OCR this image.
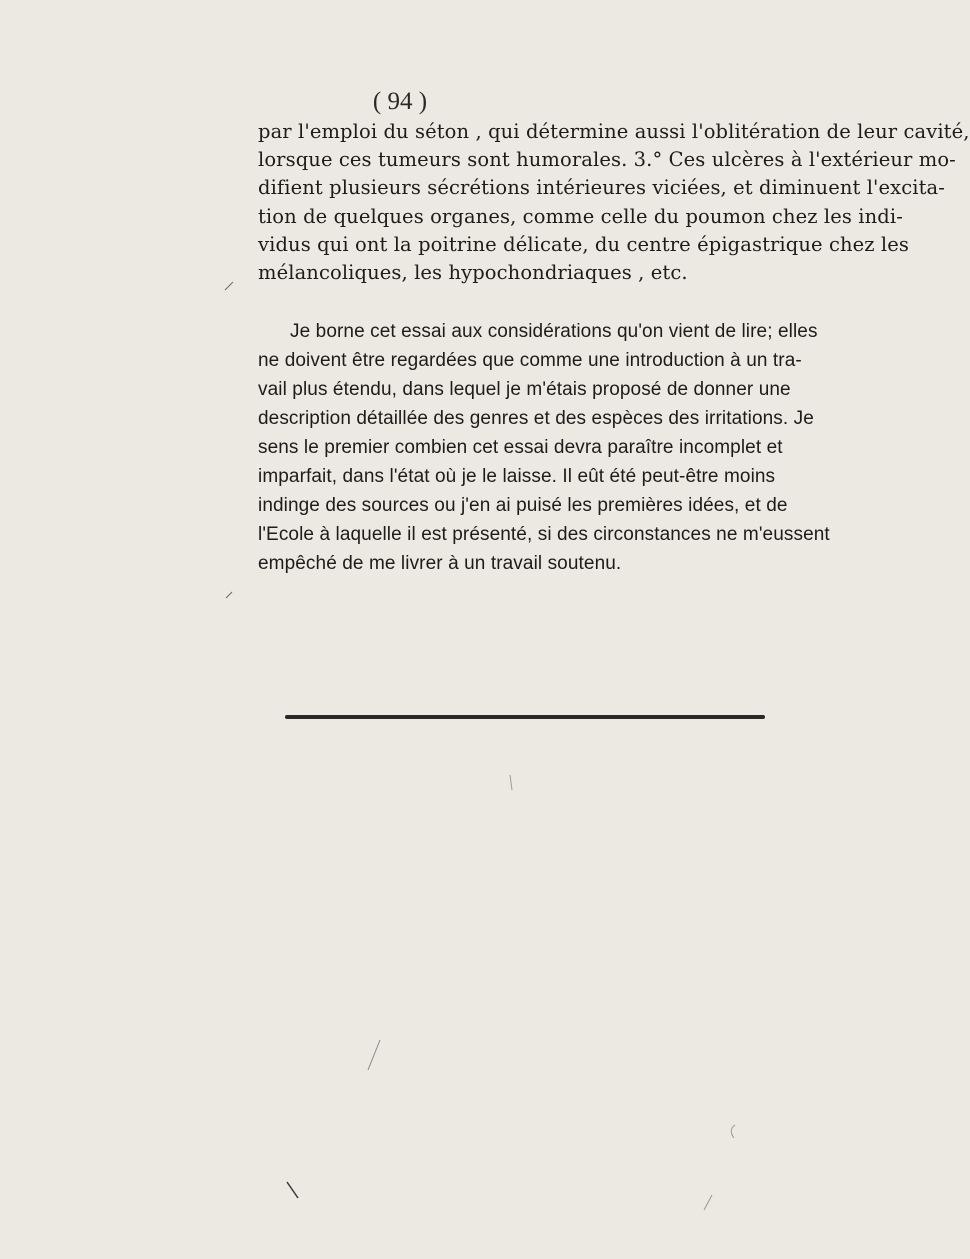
( 94 )
par l'emploi du séton , qui détermine aussi l'oblitération de leur cavité,
lorsque ces tumeurs sont humorales. 3.° Ces ulcères à l'extérieur mo-
difient plusieurs sécrétions intérieures viciées, et diminuent l'excita-
tion de quelques organes, comme celle du poumon chez les indi-
vidus qui ont la poitrine délicate, du centre épigastrique chez les
mélancoliques, les hypochondriaques , etc.
Je borne cet essai aux considérations qu'on vient de lire; elles
ne doivent être regardées que comme une introduction à un tra-
vail plus étendu, dans lequel je m'étais proposé de donner une
description détaillée des genres et des espèces des irritations. Je
sens le premier combien cet essai devra paraître incomplet et
imparfait, dans l'état où je le laisse. Il eût été peut-être moins
indinge des sources ou j'en ai puisé les premières idées, et de
l'Ecole à laquelle il est présenté, si des circonstances ne m'eussent
empêché de me livrer à un travail soutenu.
